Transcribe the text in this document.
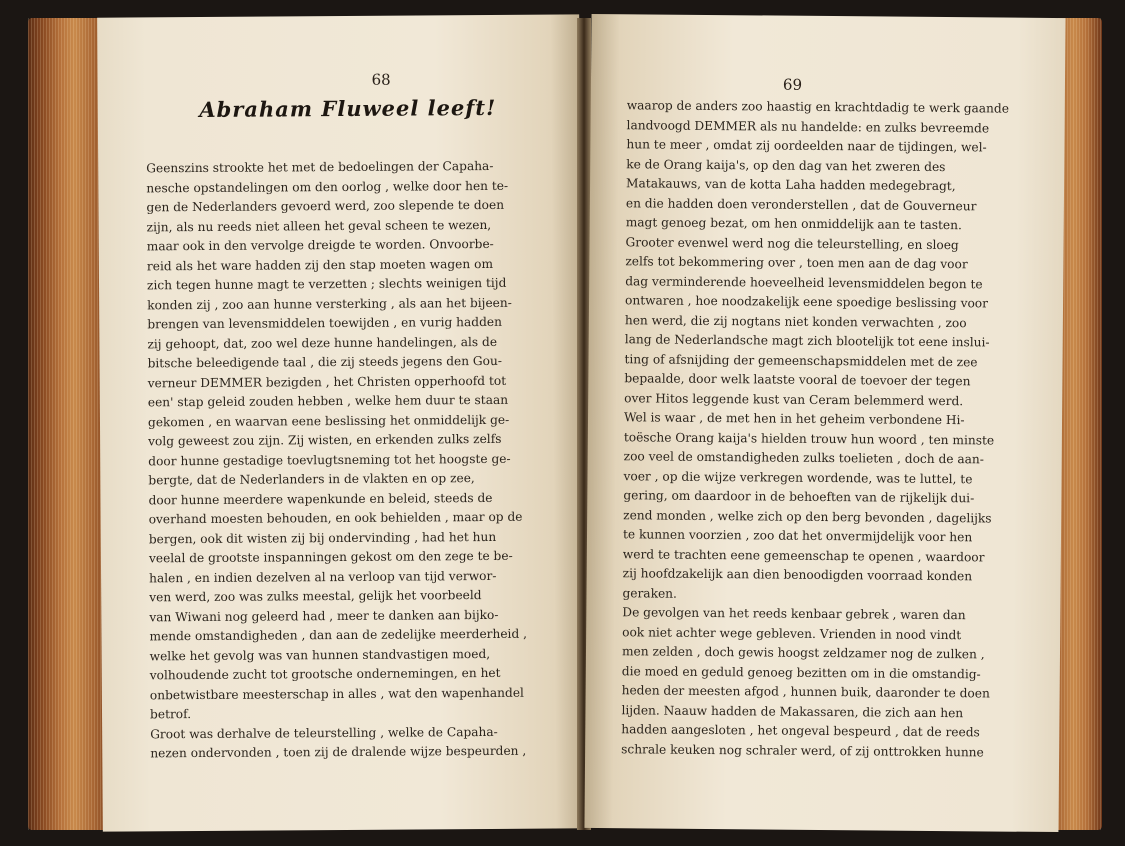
68
Abraham Fluweel leeft!
Geenszins strookte het met de bedoelingen der Capaha-
nesche opstandelingen om den oorlog , welke door hen te-
gen de Nederlanders gevoerd werd, zoo slepende te doen
zijn, als nu reeds niet alleen het geval scheen te wezen,
maar ook in den vervolge dreigde te worden. Onvoorbe-
reid als het ware hadden zij den stap moeten wagen om
zich tegen hunne magt te verzetten ; slechts weinigen tijd
konden zij , zoo aan hunne versterking , als aan het bijeen-
brengen van levensmiddelen toewijden , en vurig hadden
zij gehoopt, dat, zoo wel deze hunne handelingen, als de
bitsche beleedigende taal , die zij steeds jegens den Gou-
verneur DEMMER bezigden , het Christen opperhoofd tot
een' stap geleid zouden hebben , welke hem duur te staan
gekomen , en waarvan eene beslissing het onmiddelijk ge-
volg geweest zou zijn. Zij wisten, en erkenden zulks zelfs
door hunne gestadige toevlugtsneming tot het hoogste ge-
bergte, dat de Nederlanders in de vlakten en op zee,
door hunne meerdere wapenkunde en beleid, steeds de
overhand moesten behouden, en ook behielden , maar op de
bergen, ook dit wisten zij bij ondervinding , had het hun
veelal de grootste inspanningen gekost om den zege te be-
halen , en indien dezelven al na verloop van tijd verwor-
ven werd, zoo was zulks meestal, gelijk het voorbeeld
van Wiwani nog geleerd had , meer te danken aan bijko-
mende omstandigheden , dan aan de zedelijke meerderheid ,
welke het gevolg was van hunnen standvastigen moed,
volhoudende zucht tot grootsche ondernemingen, en het
onbetwistbare meesterschap in alles , wat den wapenhandel
betrof.
Groot was derhalve de teleurstelling , welke de Capaha-
nezen ondervonden , toen zij de dralende wijze bespeurden ,
69
waarop de anders zoo haastig en krachtdadig te werk gaande
landvoogd DEMMER als nu handelde: en zulks bevreemde
hun te meer , omdat zij oordeelden naar de tijdingen, wel-
ke de Orang kaija's, op den dag van het zweren des
Matakauws, van de kotta Laha hadden medegebragt,
en die hadden doen veronderstellen , dat de Gouverneur
magt genoeg bezat, om hen onmiddelijk aan te tasten.
Grooter evenwel werd nog die teleurstelling, en sloeg
zelfs tot bekommering over , toen men aan de dag voor
dag verminderende hoeveelheid levensmiddelen begon te
ontwaren , hoe noodzakelijk eene spoedige beslissing voor
hen werd, die zij nogtans niet konden verwachten , zoo
lang de Nederlandsche magt zich blootelijk tot eene inslui-
ting of afsnijding der gemeenschapsmiddelen met de zee
bepaalde, door welk laatste vooral de toevoer der tegen
over Hitos leggende kust van Ceram belemmerd werd.
Wel is waar , de met hen in het geheim verbondene Hi-
toësche Orang kaija's hielden trouw hun woord , ten minste
zoo veel de omstandigheden zulks toelieten , doch de aan-
voer , op die wijze verkregen wordende, was te luttel, te
gering, om daardoor in de behoeften van de rijkelijk dui-
zend monden , welke zich op den berg bevonden , dagelijks
te kunnen voorzien , zoo dat het onvermijdelijk voor hen
werd te trachten eene gemeenschap te openen , waardoor
zij hoofdzakelijk aan dien benoodigden voorraad konden
geraken.
De gevolgen van het reeds kenbaar gebrek , waren dan
ook niet achter wege gebleven. Vrienden in nood vindt
men zelden , doch gewis hoogst zeldzamer nog de zulken ,
die moed en geduld genoeg bezitten om in die omstandig-
heden der meesten afgod , hunnen buik, daaronder te doen
lijden. Naauw hadden de Makassaren, die zich aan hen
hadden aangesloten , het ongeval bespeurd , dat de reeds
schrale keuken nog schraler werd, of zij onttrokken hunne
